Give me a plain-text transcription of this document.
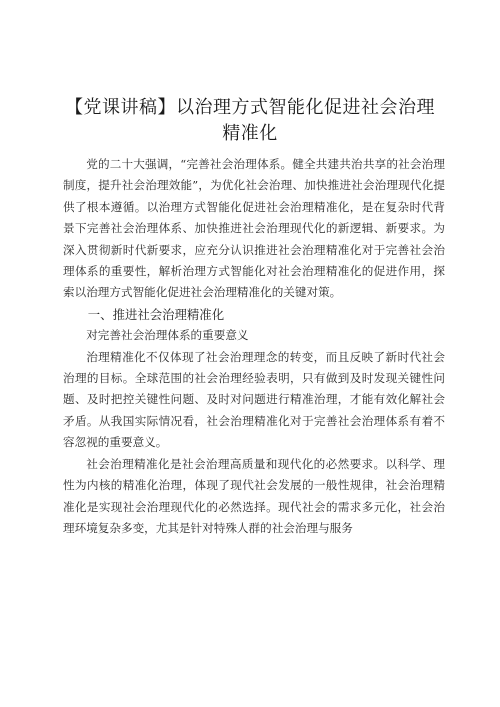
【党课讲稿】以治理方式智能化促进社会治理
精准化

党的二十大强调，“完善社会治理体系。健全共建共治共享的社会治理制度，提升社会治理效能”，为优化社会治理、加快推进社会治理现代化提供了根本遵循。以治理方式智能化促进社会治理精准化，是在复杂时代背景下完善社会治理体系、加快推进社会治理现代化的新逻辑、新要求。为深入贯彻新时代新要求，应充分认识推进社会治理精准化对于完善社会治理体系的重要性，解析治理方式智能化对社会治理精准化的促进作用，探索以治理方式智能化促进社会治理精准化的关键对策。

一、推进社会治理精准化

对完善社会治理体系的重要意义

治理精准化不仅体现了社会治理理念的转变，而且反映了新时代社会治理的目标。全球范围的社会治理经验表明，只有做到及时发现关键性问题、及时把控关键性问题、及时对问题进行精准治理，才能有效化解社会矛盾。从我国实际情况看，社会治理精准化对于完善社会治理体系有着不容忽视的重要意义。

社会治理精准化是社会治理高质量和现代化的必然要求。以科学、理性为内核的精准化治理，体现了现代社会发展的一般性规律，社会治理精准化是实现社会治理现代化的必然选择。现代社会的需求多元化，社会治理环境复杂多变，尤其是针对特殊人群的社会治理与服务
